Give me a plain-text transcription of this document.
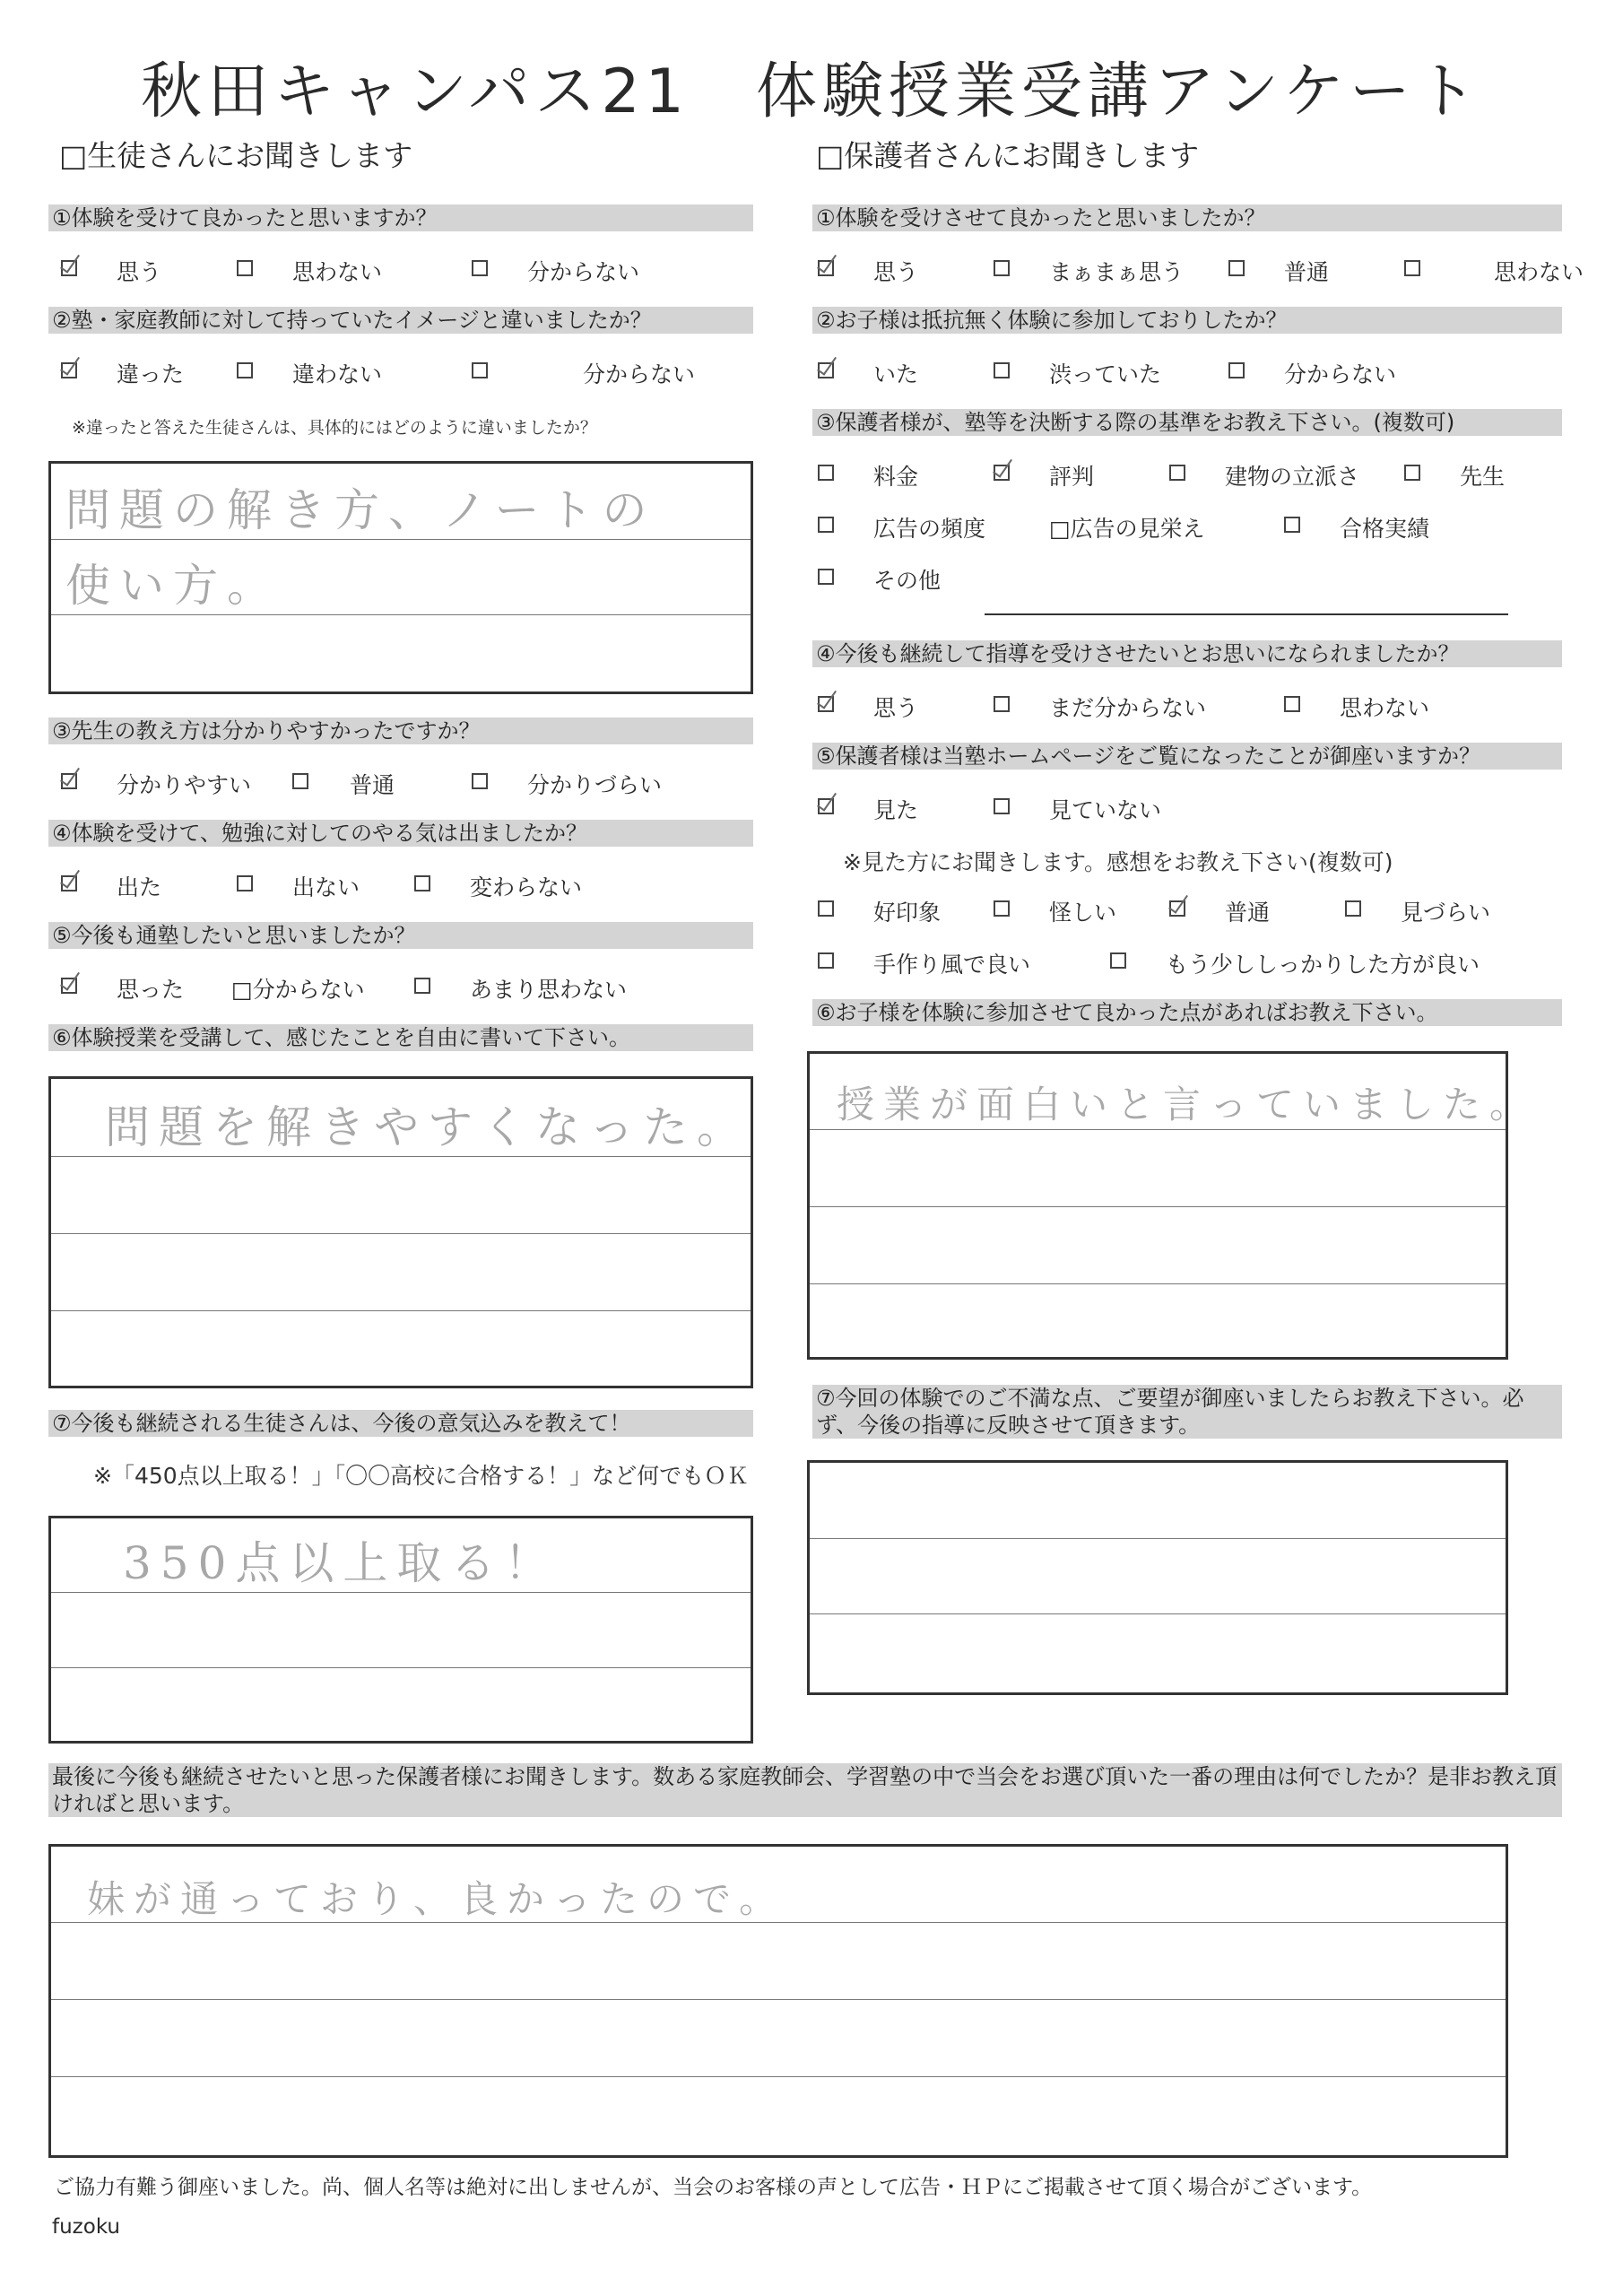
秋田キャンパス21　体験授業受講アンケート
□生徒さんにお聞きします
①体験を受けて良かったと思いますか？
思う	思わない	分からない
②塾・家庭教師に対して持っていたイメージと違いましたか？
違った	違わない	分からない
※違ったと答えた生徒さんは、具体的にはどのように違いましたか？
問題の解き方、ノートの
使い方。
③先生の教え方は分かりやすかったですか？
分かりやすい	普通	分かりづらい
④体験を受けて、勉強に対してのやる気は出ましたか？
出た	出ない	変わらない
⑤今後も通塾したいと思いましたか？
思った □分からない	あまり思わない
⑥体験授業を受講して、感じたことを自由に書いて下さい。
問題を解きやすくなった。
⑦今後も継続される生徒さんは、今後の意気込みを教えて！
※「450点以上取る！」「〇〇高校に合格する！」など何でもＯＫ
350点以上取る！
□保護者さんにお聞きします
①体験を受けさせて良かったと思いましたか？
思う	まぁまぁ思う	普通	思わない
②お子様は抵抗無く体験に参加しておりしたか？
いた	渋っていた	分からない
③保護者様が、塾等を決断する際の基準をお教え下さい。(複数可)
料金	評判	建物の立派さ	先生
広告の頻度	□広告の見栄え	合格実績
その他
④今後も継続して指導を受けさせたいとお思いになられましたか？
思う	まだ分からない	思わない
⑤保護者様は当塾ホームページをご覧になったことが御座いますか？
見た	見ていない
※見た方にお聞きします。感想をお教え下さい(複数可)
好印象	怪しい	普通	見づらい
手作り風で良い	もう少ししっかりした方が良い
⑥お子様を体験に参加させて良かった点があればお教え下さい。
授業が面白いと言っていました。
⑦今回の体験でのご不満な点、ご要望が御座いましたらお教え下さい。必ず、今後の指導に反映させて頂きます。
最後に今後も継続させたいと思った保護者様にお聞きします。数ある家庭教師会、学習塾の中で当会をお選び頂いた一番の理由は何でしたか？是非お教え頂ければと思います。
妹が通っており、良かったので。
ご協力有難う御座いました。尚、個人名等は絶対に出しませんが、当会のお客様の声として広告・ＨＰにご掲載させて頂く場合がございます。
fuzoku
